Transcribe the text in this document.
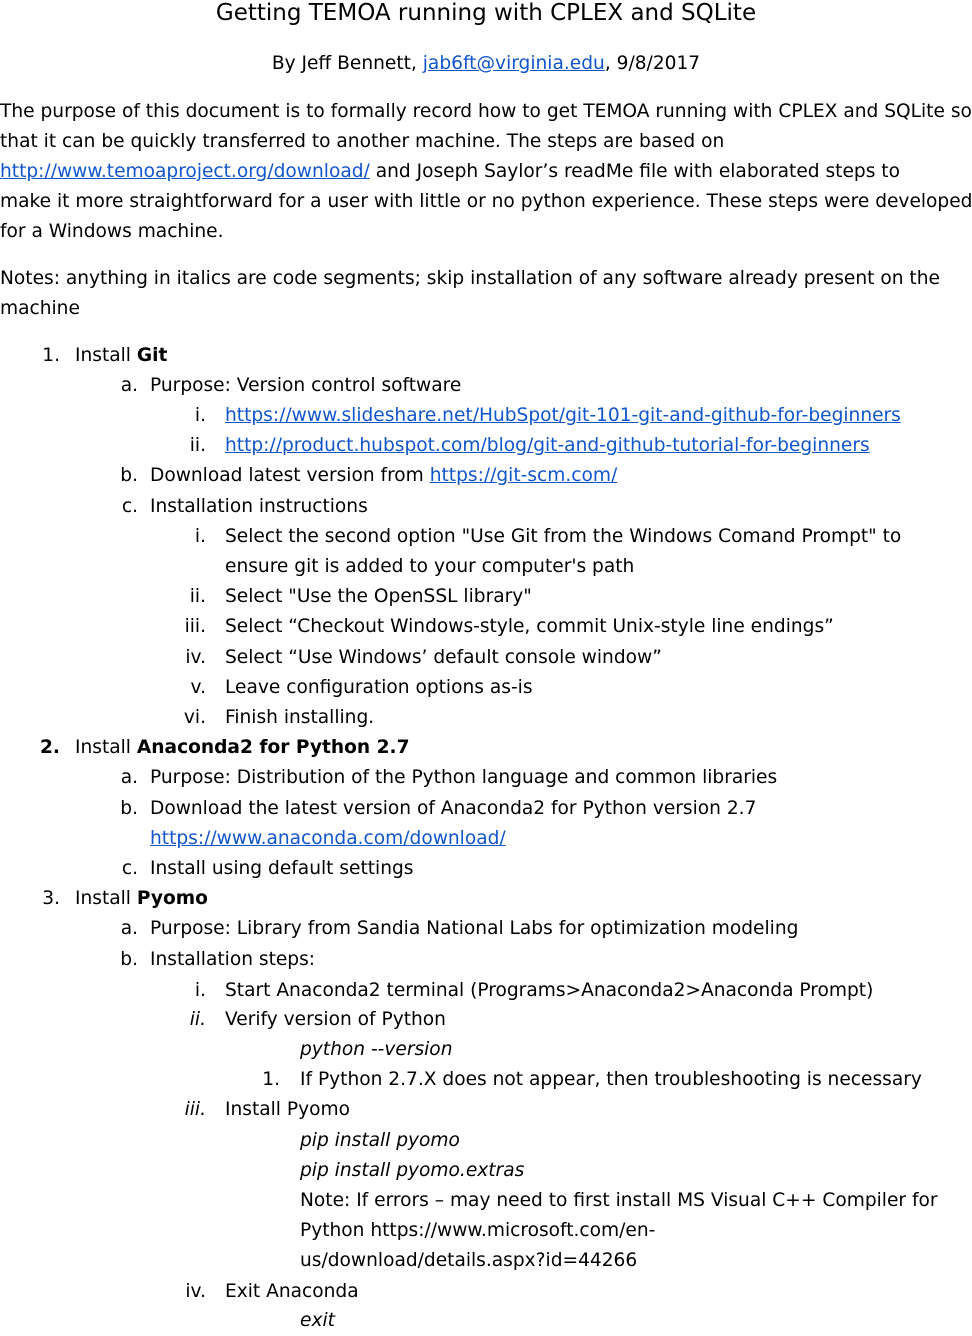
Getting TEMOA running with CPLEX and SQLite
By Jeff Bennett, jab6ft@virginia.edu, 9/8/2017
The purpose of this document is to formally record how to get TEMOA running with CPLEX and SQLite so
that it can be quickly transferred to another machine. The steps are based on
http://www.temoaproject.org/download/ and Joseph Saylor’s readMe file with elaborated steps to
make it more straightforward for a user with little or no python experience. These steps were developed
for a Windows machine.
Notes: anything in italics are code segments; skip installation of any software already present on the
machine
1. Install Git
a. Purpose: Version control software
i. https://www.slideshare.net/HubSpot/git-101-git-and-github-for-beginners
ii. http://product.hubspot.com/blog/git-and-github-tutorial-for-beginners
b. Download latest version from https://git-scm.com/
c. Installation instructions
i. Select the second option "Use Git from the Windows Comand Prompt" to
ensure git is added to your computer's path
ii. Select "Use the OpenSSL library"
iii. Select “Checkout Windows-style, commit Unix-style line endings”
iv. Select “Use Windows’ default console window”
v. Leave configuration options as-is
vi. Finish installing.
2. Install Anaconda2 for Python 2.7
a. Purpose: Distribution of the Python language and common libraries
b. Download the latest version of Anaconda2 for Python version 2.7
https://www.anaconda.com/download/
c. Install using default settings
3. Install Pyomo
a. Purpose: Library from Sandia National Labs for optimization modeling
b. Installation steps:
i. Start Anaconda2 terminal (Programs>Anaconda2>Anaconda Prompt)
ii. Verify version of Python
python --version
1. If Python 2.7.X does not appear, then troubleshooting is necessary
iii. Install Pyomo
pip install pyomo
pip install pyomo.extras
Note: If errors – may need to first install MS Visual C++ Compiler for
Python https://www.microsoft.com/en-
us/download/details.aspx?id=44266
iv. Exit Anaconda
exit
